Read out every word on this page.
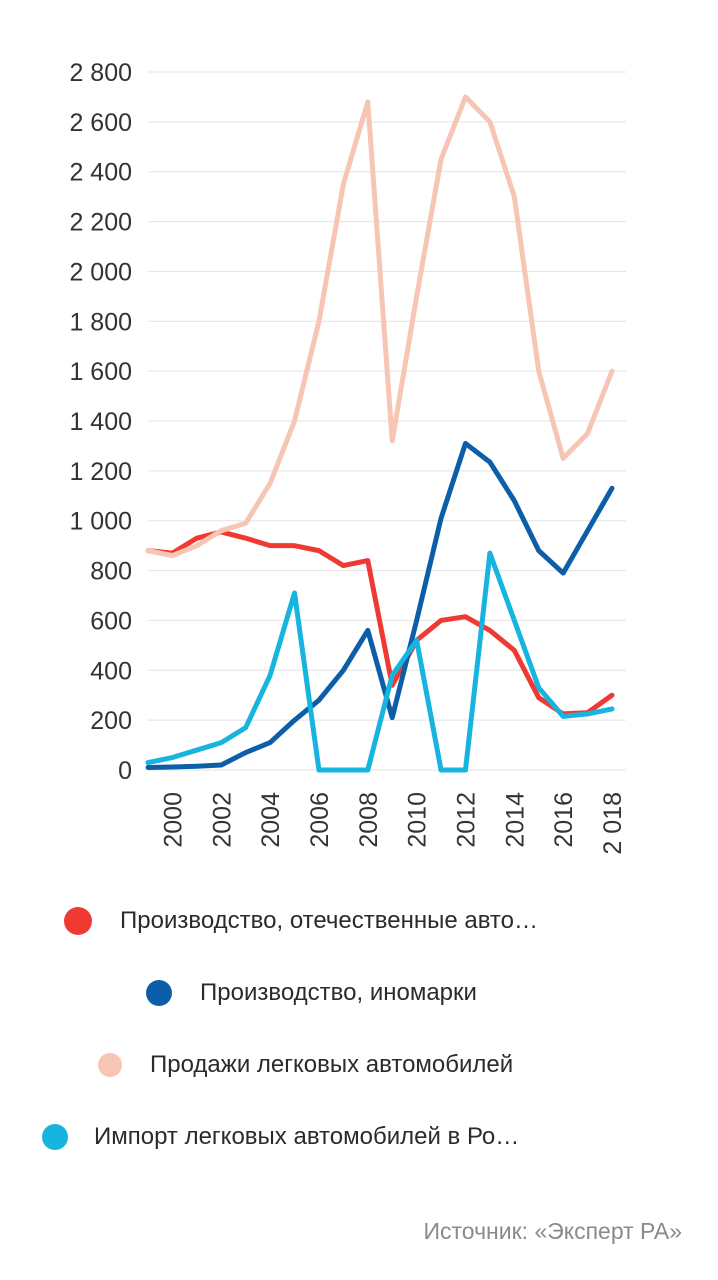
0
200
400
600
800
1 000
1 200
1 400
1 600
1 800
2 000
2 200
2 400
2 600
2 800
2000 2002 2004 2006 2008 2010 2012 2014 2016 2 018
Производство, отечественные авто…
Производство, иномарки
Продажи легковых автомобилей
Импорт легковых автомобилей в Ро…
Источник: «Эксперт РА»
